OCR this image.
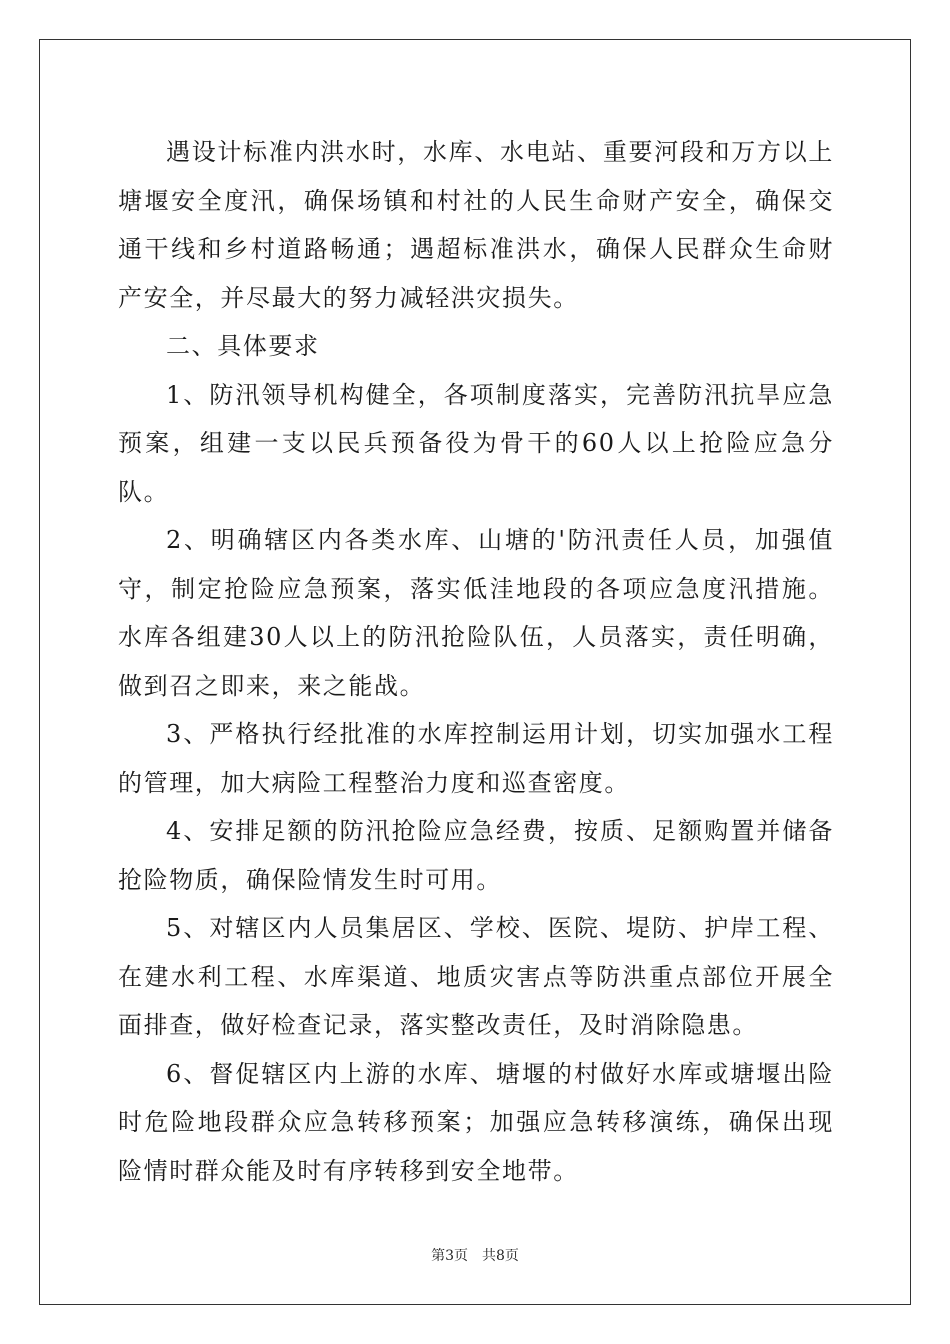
遇设计标准内洪水时，水库、水电站、重要河段和万方以上塘堰安全度汛，确保场镇和村社的人民生命财产安全，确保交通干线和乡村道路畅通；遇超标准洪水，确保人民群众生命财产安全，并尽最大的努力减轻洪灾损失。

二、具体要求

1、防汛领导机构健全，各项制度落实，完善防汛抗旱应急预案，组建一支以民兵预备役为骨干的60人以上抢险应急分队。

2、明确辖区内各类水库、山塘的'防汛责任人员，加强值守，制定抢险应急预案，落实低洼地段的各项应急度汛措施。水库各组建30人以上的防汛抢险队伍，人员落实，责任明确，做到召之即来，来之能战。

3、严格执行经批准的水库控制运用计划，切实加强水工程的管理，加大病险工程整治力度和巡查密度。

4、安排足额的防汛抢险应急经费，按质、足额购置并储备抢险物质，确保险情发生时可用。

5、对辖区内人员集居区、学校、医院、堤防、护岸工程、在建水利工程、水库渠道、地质灾害点等防洪重点部位开展全面排查，做好检查记录，落实整改责任，及时消除隐患。

6、督促辖区内上游的水库、塘堰的村做好水库或塘堰出险时危险地段群众应急转移预案；加强应急转移演练，确保出现险情时群众能及时有序转移到安全地带。

第3页 共8页
